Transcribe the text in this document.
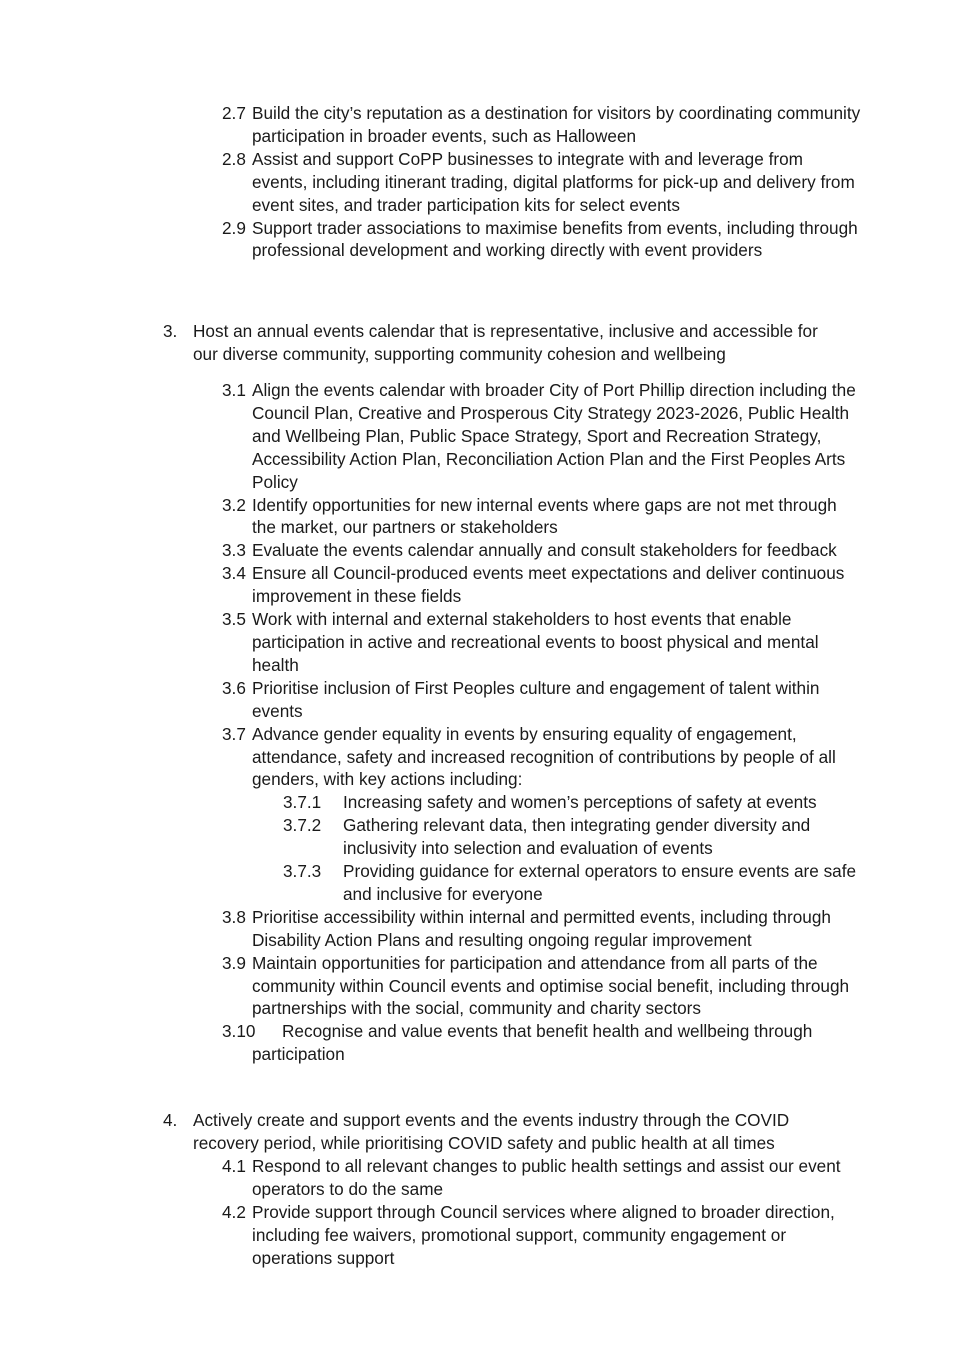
2.7 Build the city’s reputation as a destination for visitors by coordinating community participation in broader events, such as Halloween
2.8 Assist and support CoPP businesses to integrate with and leverage from events, including itinerant trading, digital platforms for pick-up and delivery from event sites, and trader participation kits for select events
2.9 Support trader associations to maximise benefits from events, including through professional development and working directly with event providers
3. Host an annual events calendar that is representative, inclusive and accessible for our diverse community, supporting community cohesion and wellbeing
3.1 Align the events calendar with broader City of Port Phillip direction including the Council Plan, Creative and Prosperous City Strategy 2023-2026, Public Health and Wellbeing Plan, Public Space Strategy, Sport and Recreation Strategy, Accessibility Action Plan, Reconciliation Action Plan and the First Peoples Arts Policy
3.2 Identify opportunities for new internal events where gaps are not met through the market, our partners or stakeholders
3.3 Evaluate the events calendar annually and consult stakeholders for feedback
3.4 Ensure all Council-produced events meet expectations and deliver continuous improvement in these fields
3.5 Work with internal and external stakeholders to host events that enable participation in active and recreational events to boost physical and mental health
3.6 Prioritise inclusion of First Peoples culture and engagement of talent within events
3.7 Advance gender equality in events by ensuring equality of engagement, attendance, safety and increased recognition of contributions by people of all genders, with key actions including:
3.7.1	Increasing safety and women’s perceptions of safety at events
3.7.2	Gathering relevant data, then integrating gender diversity and inclusivity into selection and evaluation of events
3.7.3	Providing guidance for external operators to ensure events are safe and inclusive for everyone
3.8 Prioritise accessibility within internal and permitted events, including through Disability Action Plans and resulting ongoing regular improvement
3.9 Maintain opportunities for participation and attendance from all parts of the community within Council events and optimise social benefit, including through partnerships with the social, community and charity sectors
3.10	Recognise and value events that benefit health and wellbeing through participation
4. Actively create and support events and the events industry through the COVID recovery period, while prioritising COVID safety and public health at all times
4.1 Respond to all relevant changes to public health settings and assist our event operators to do the same
4.2 Provide support through Council services where aligned to broader direction, including fee waivers, promotional support, community engagement or operations support
